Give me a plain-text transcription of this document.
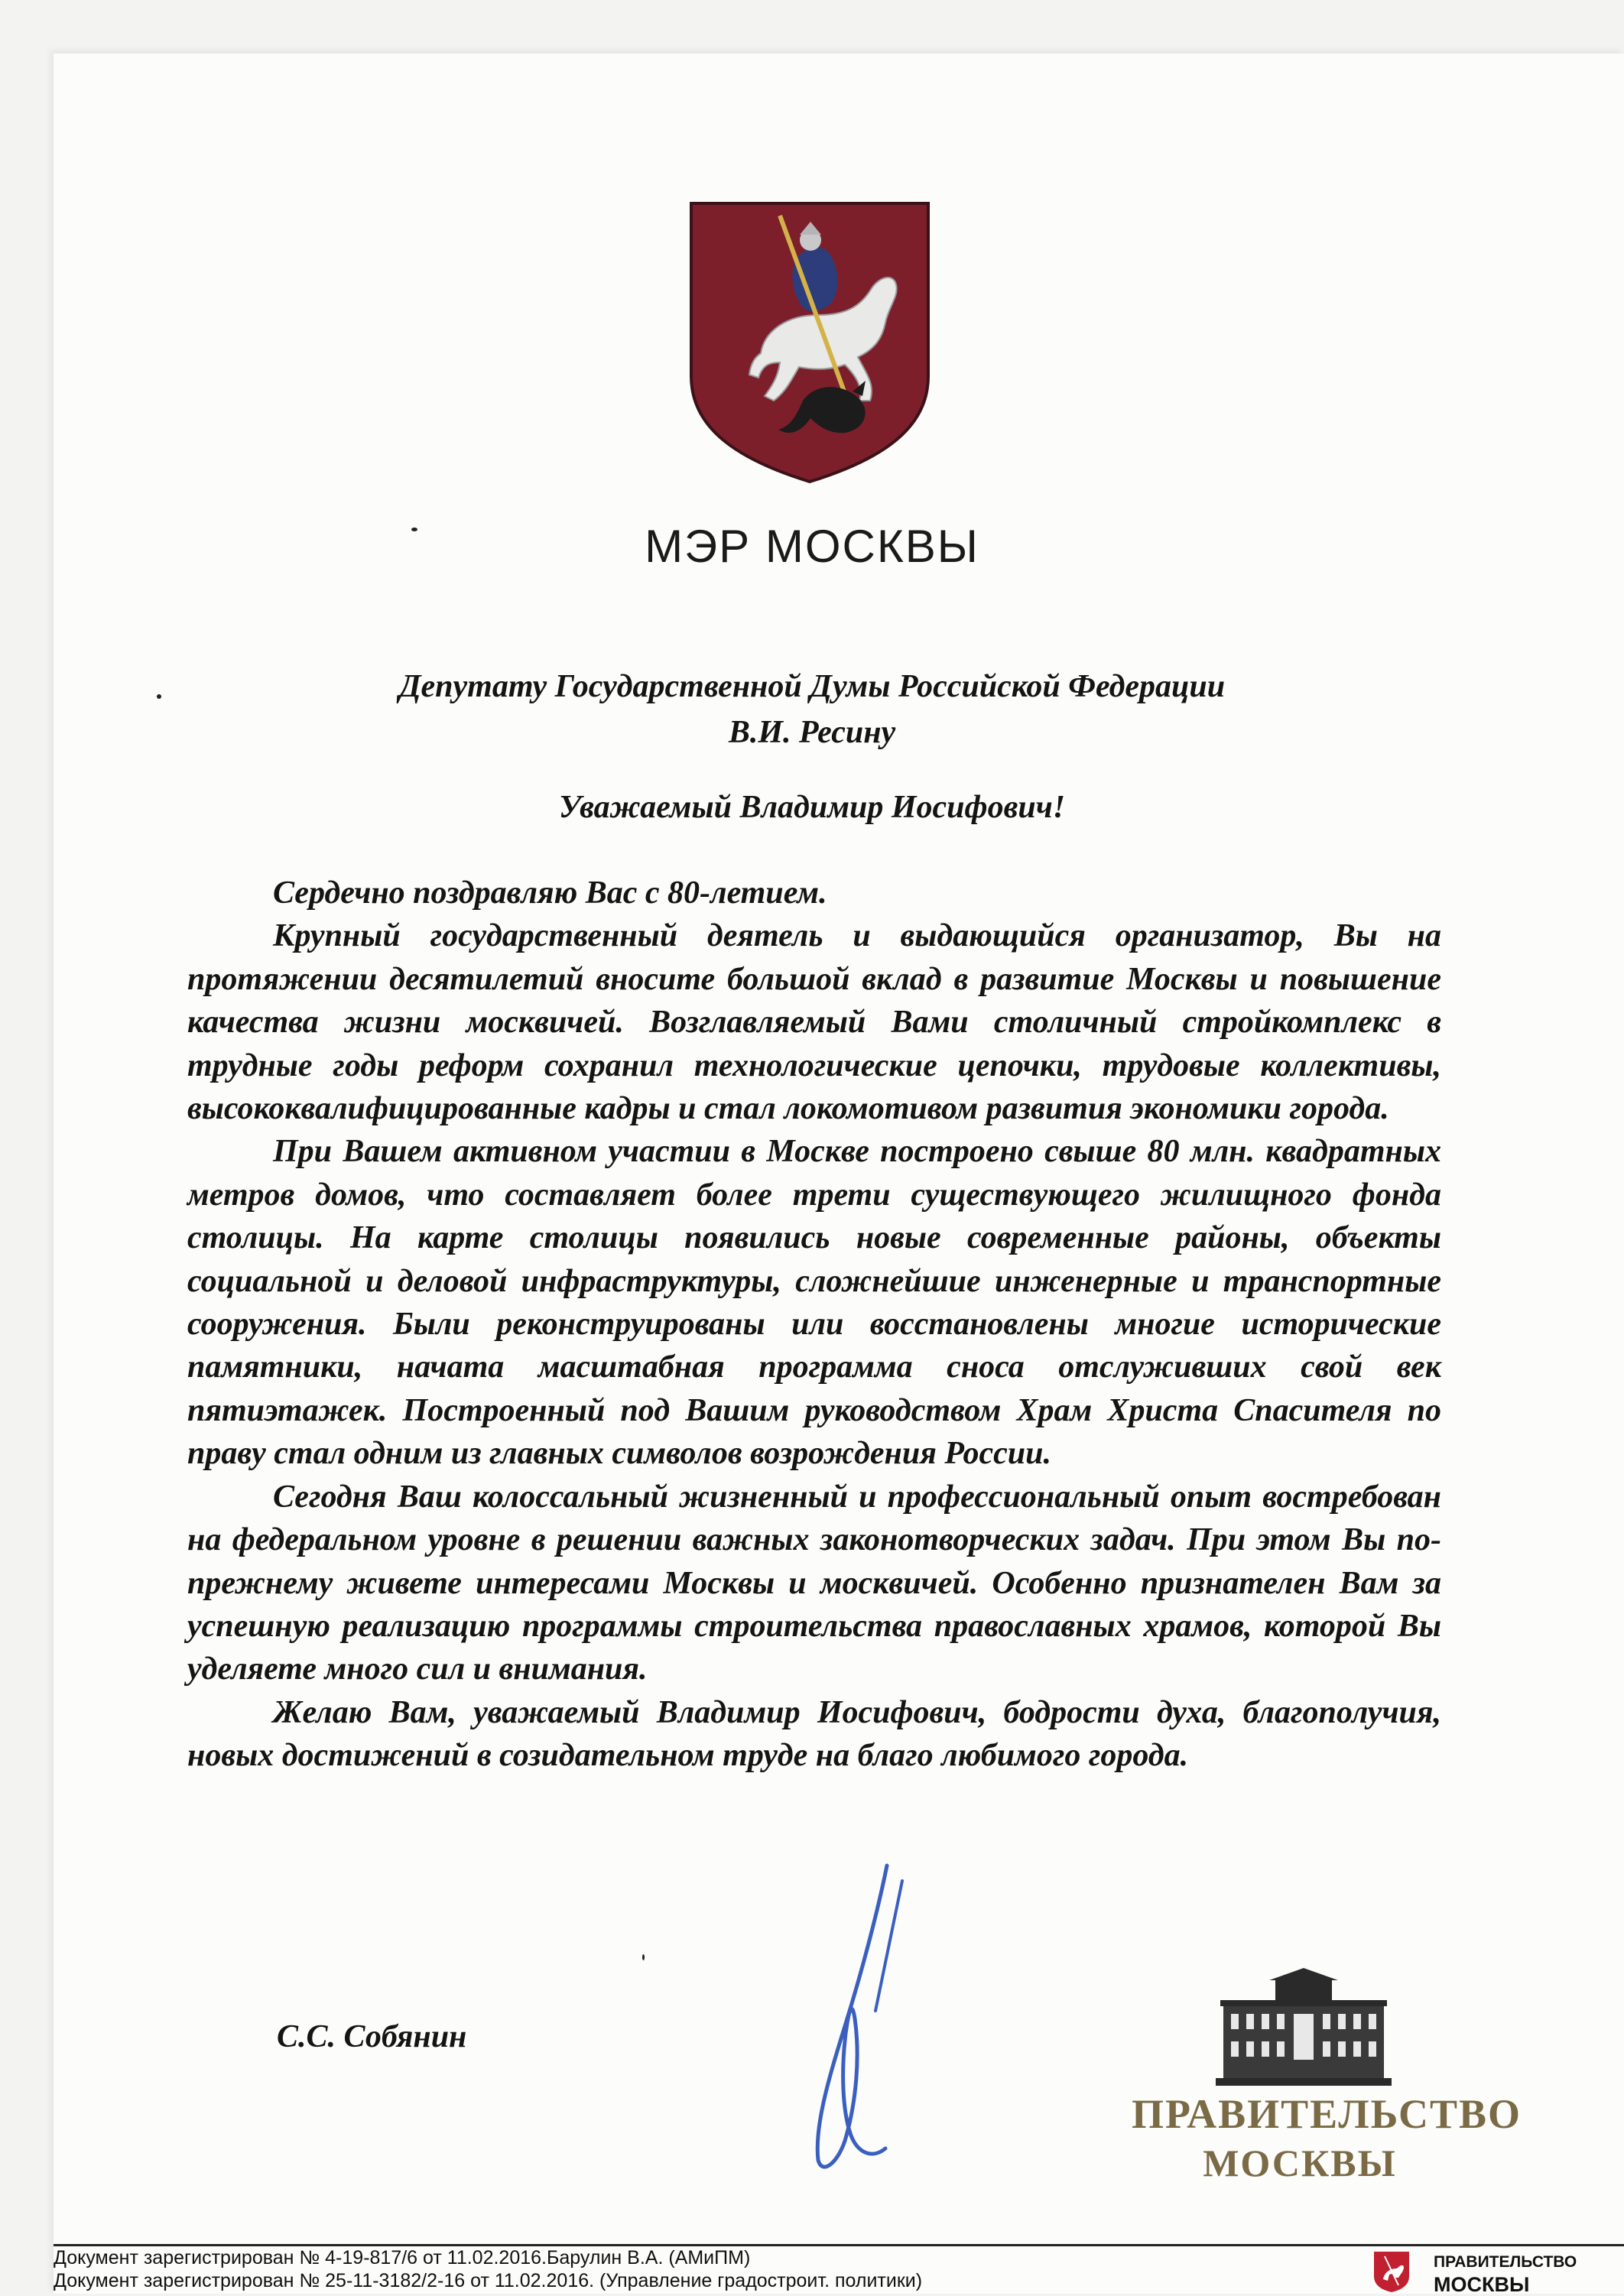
МЭР МОСКВЫ
Депутату Государственной Думы Российской Федерации
В.И. Ресину
Уважаемый Владимир Иосифович!

Сердечно поздравляю Вас с 80-летием.

Крупный государственный деятель и выдающийся организатор, Вы на протяжении десятилетий вносите большой вклад в развитие Москвы и повышение качества жизни москвичей. Возглавляемый Вами столичный стройкомплекс в трудные годы реформ сохранил технологические цепочки, трудовые коллективы, высококвалифицированные кадры и стал локомотивом развития экономики города.

При Вашем активном участии в Москве построено свыше 80 млн. квадратных метров домов, что составляет более трети существующего жилищного фонда столицы. На карте столицы появились новые современные районы, объекты социальной и деловой инфраструктуры, сложнейшие инженерные и транспортные сооружения. Были реконструированы или восстановлены многие исторические памятники, начата масштабная программа сноса отслуживших свой век пятиэтажек. Построенный под Вашим руководством Храм Христа Спасителя по праву стал одним из главных символов возрождения России.

Сегодня Ваш колоссальный жизненный и профессиональный опыт востребован на федеральном уровне в решении важных законотворческих задач. При этом Вы по-прежнему живете интересами Москвы и москвичей. Особенно признателен Вам за успешную реализацию программы строительства православных храмов, которой Вы уделяете много сил и внимания.

Желаю Вам, уважаемый Владимир Иосифович, бодрости духа, благополучия, новых достижений в созидательном труде на благо любимого города.

С.С. Собянин
ПРАВИТЕЛЬСТВО
МОСКВЫ
Документ зарегистрирован № 4-19-817/6 от 11.02.2016.Барулин В.А. (АМиПМ)
Документ зарегистрирован № 25-11-3182/2-16 от 11.02.2016. (Управление градостроит. политики)
ПРАВИТЕЛЬСТВО
МОСКВЫ
